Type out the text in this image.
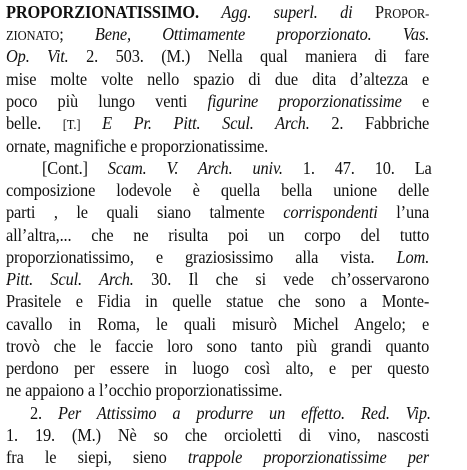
PROPORZIONATISSIMO. Agg. superl. di PROPOR-
ZIONATO; Bene, Ottimamente proporzionato. Vas.
Op. Vit. 2. 503. (M.) Nella qual maniera di fare
mise molte volte nello spazio di due dita d’altezza e
poco più lungo venti figurine proporzionatissime e
belle. [T.] E Pr. Pitt. Scul. Arch. 2. Fabbriche
ornate, magnifiche e proporzionatissime.
[Cont.] Scam. V. Arch. univ. 1. 47. 10. La
composizione lodevole è quella bella unione delle
parti , le quali siano talmente corrispondenti l’una
all’altra,... che ne risulta poi un corpo del tutto
proporzionatissimo, e graziosissimo alla vista. Lom.
Pitt. Scul. Arch. 30. Il che si vede ch’osservarono
Prasitele e Fidia in quelle statue che sono a Monte-
cavallo in Roma, le quali misurò Michel Angelo; e
trovò che le faccie loro sono tanto più grandi quanto
perdono per essere in luogo così alto, e per questo
ne appaiono a l’occhio proporzionatissime.
2. Per Attissimo a produrre un effetto. Red. Vip.
1. 19. (M.) Nè so che orcioletti di vino, nascosti
fra le siepi, sieno trappole proporzionatissime per
